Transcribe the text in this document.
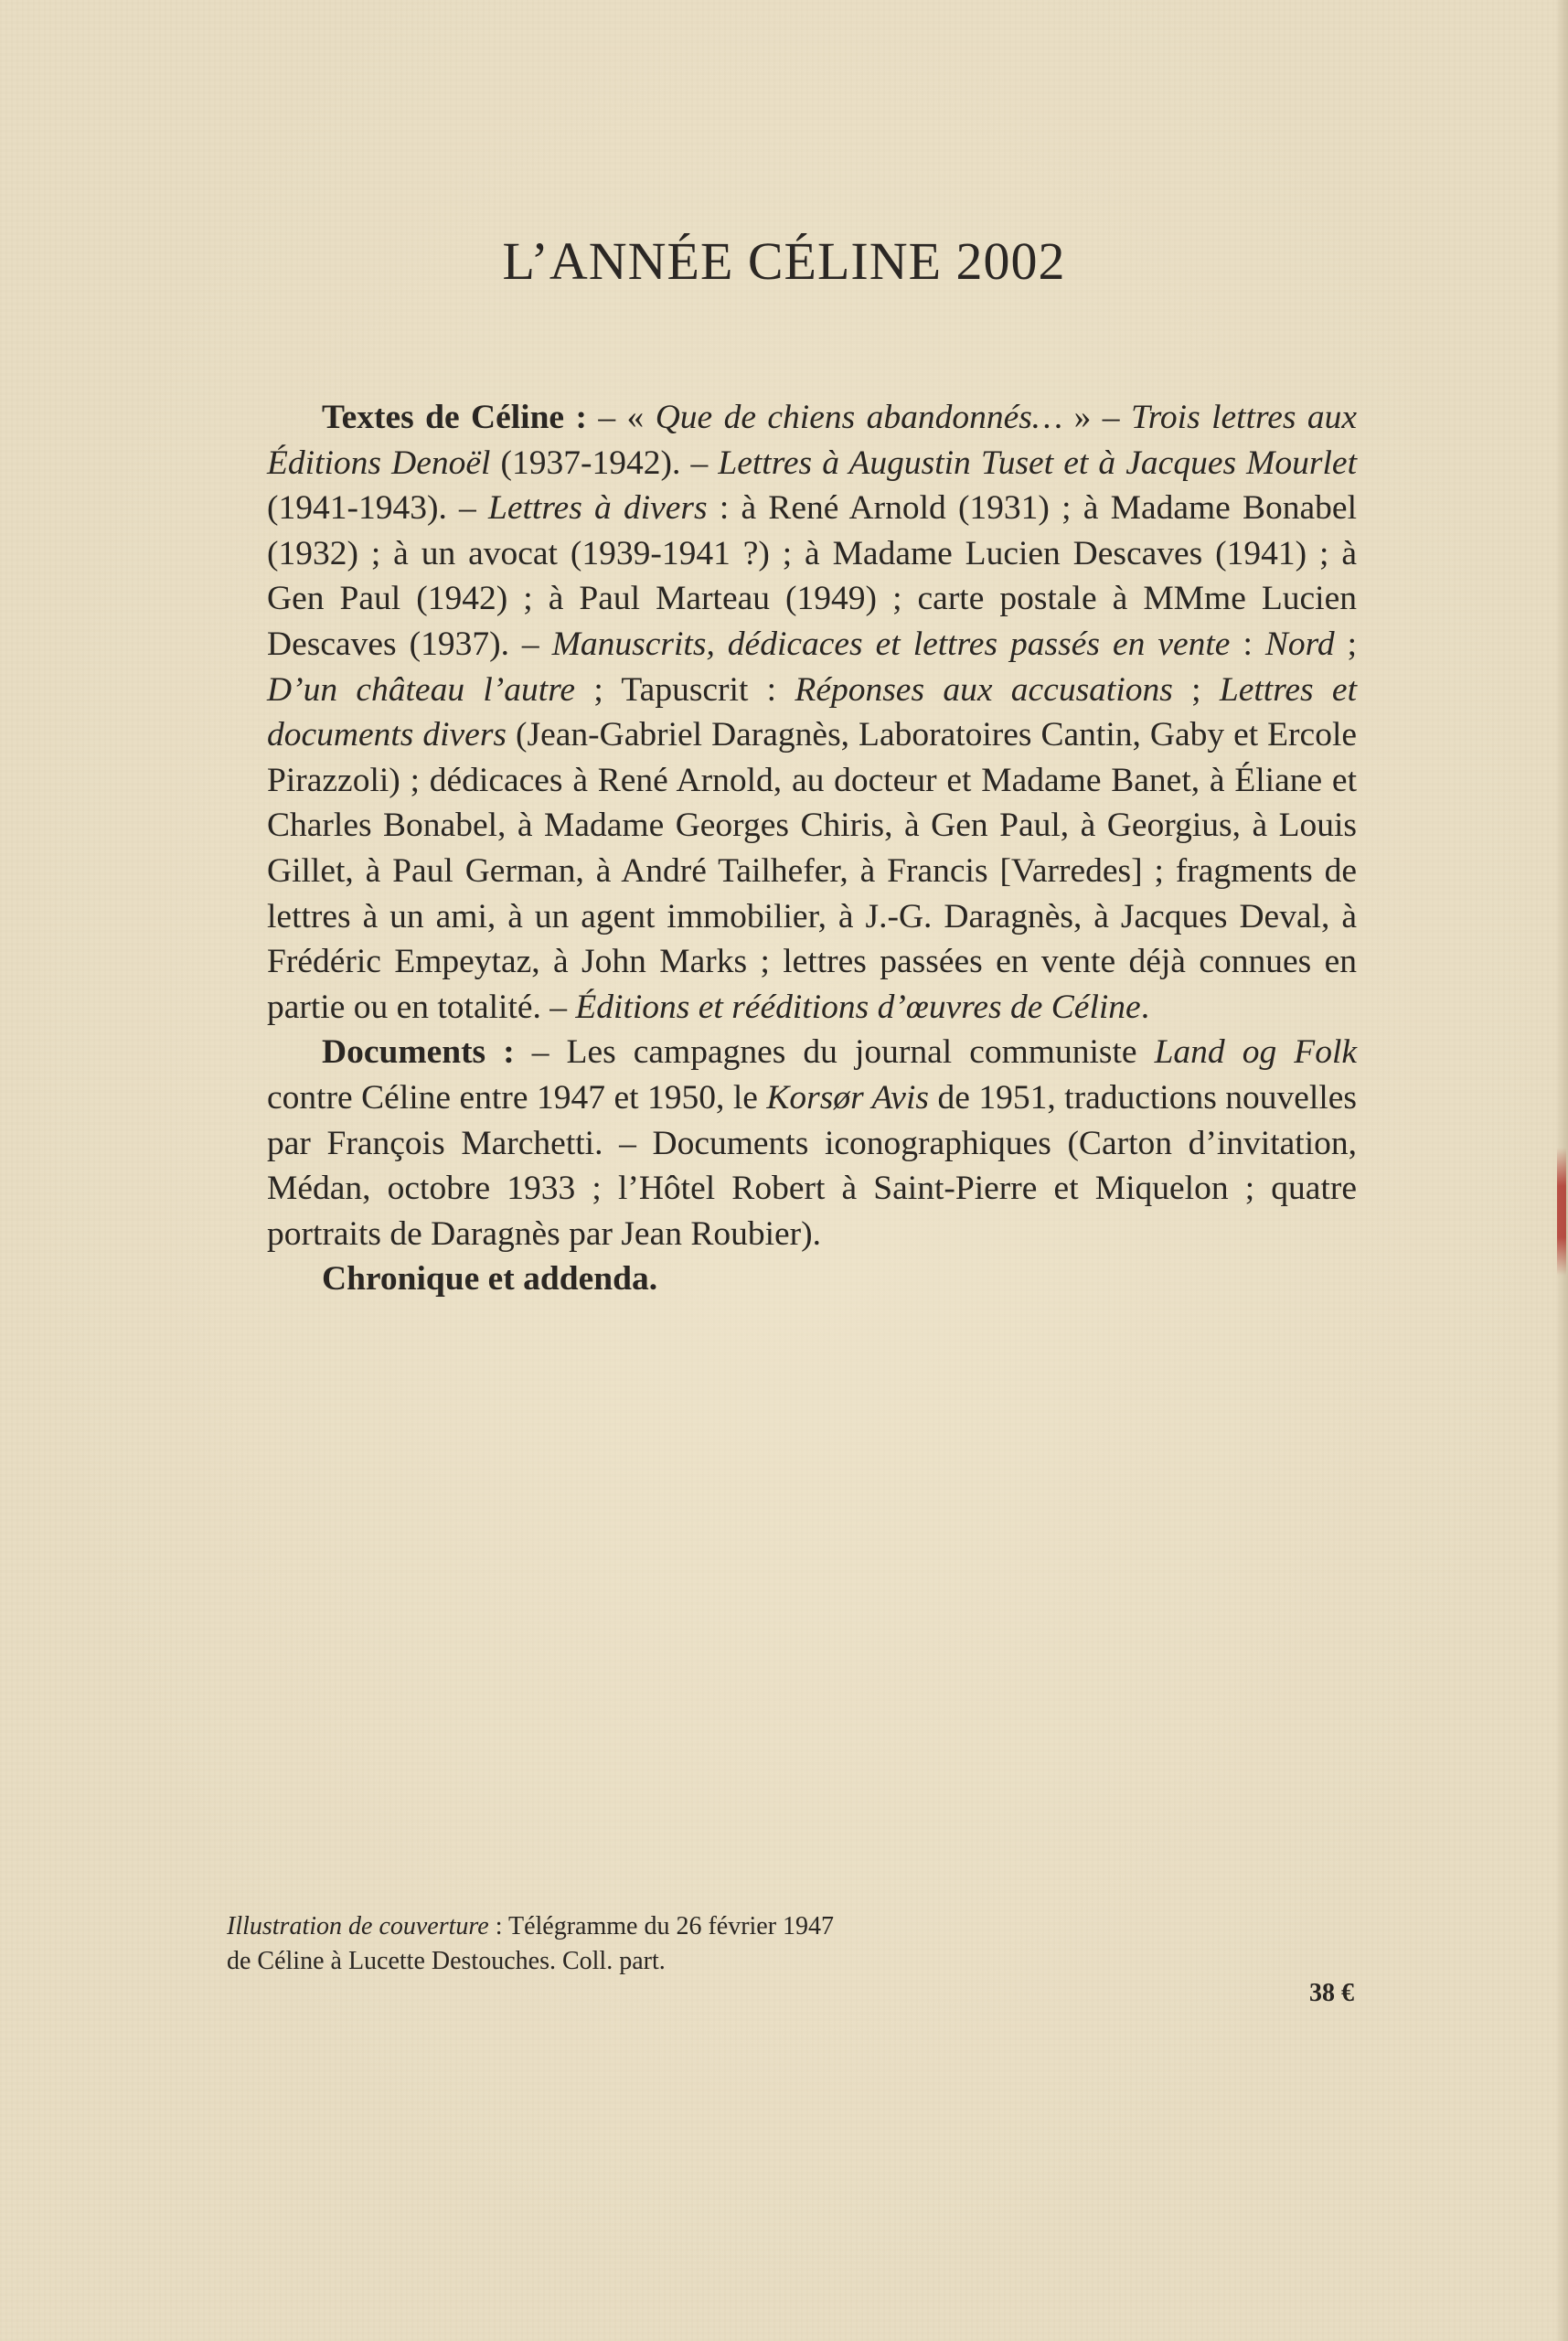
L’ANNÉE CÉLINE 2002

Textes de Céline : – « Que de chiens abandonnés… » – Trois lettres aux Éditions Denoël (1937-1942). – Lettres à Augustin Tuset et à Jacques Mourlet (1941-1943). – Lettres à divers : à René Arnold (1931) ; à Madame Bonabel (1932) ; à un avocat (1939-1941 ?) ; à Madame Lucien Descaves (1941) ; à Gen Paul (1942) ; à Paul Marteau (1949) ; carte postale à MMme Lucien Descaves (1937). – Manuscrits, dédicaces et lettres passés en vente : Nord ; D’un château l’autre ; Tapuscrit : Réponses aux accusations ; Lettres et documents divers (Jean-Gabriel Daragnès, Laboratoires Cantin, Gaby et Ercole Pirazzoli) ; dédicaces à René Arnold, au docteur et Madame Banet, à Éliane et Charles Bonabel, à Madame Georges Chiris, à Gen Paul, à Georgius, à Louis Gillet, à Paul German, à André Tailhefer, à Francis [Varredes] ; fragments de lettres à un ami, à un agent immobilier, à J.-G. Daragnès, à Jacques Deval, à Frédéric Empeytaz, à John Marks ; lettres passées en vente déjà connues en partie ou en totalité. – Éditions et rééditions d’œuvres de Céline.

Documents : – Les campagnes du journal communiste Land og Folk contre Céline entre 1947 et 1950, le Korsør Avis de 1951, traductions nouvelles par François Marchetti. – Documents iconographiques (Carton d’invitation, Médan, octobre 1933 ; l’Hôtel Robert à Saint-Pierre et Miquelon ; quatre portraits de Daragnès par Jean Roubier).

Chronique et addenda.

Illustration de couverture : Télégramme du 26 février 1947
de Céline à Lucette Destouches. Coll. part.
38 €
